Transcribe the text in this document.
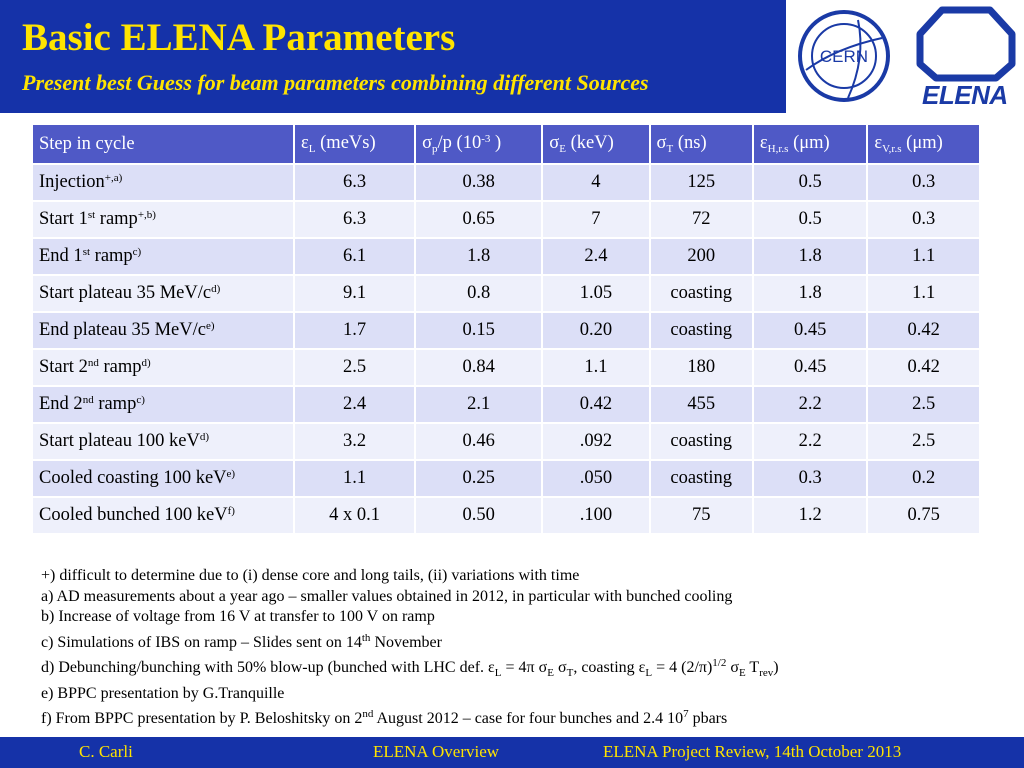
Basic ELENA Parameters
Present best Guess for beam parameters combining different Sources
CERN
ELENA
Step in cycle	$\varepsilon_L$ (meVs)	$\sigma_p/p$ ($10^{-3}$ )	$\sigma_E$ (keV)	$\sigma_T$ (ns)	$\varepsilon_{H,r.s}$ (μm)	$\varepsilon_{V,r.s}$ (μm)
Injection$^{+,a)}$	6.3	0.38	4	125	0.5	0.3
Start 1st ramp$^{+,b)}$	6.3	0.65	7	72	0.5	0.3
End 1st ramp$^{c)}$	6.1	1.8	2.4	200	1.8	1.1
Start plateau 35 MeV/$c^{d)}$	9.1	0.8	1.05	coasting	1.8	1.1
End plateau 35 MeV/$c^{e)}$	1.7	0.15	0.20	coasting	0.45	0.42
Start 2nd ramp$^{d)}$	2.5	0.84	1.1	180	0.45	0.42
End 2nd ramp$^{c)}$	2.4	2.1	0.42	455	2.2	2.5
Start plateau 100 keV$^{d)}$	3.2	0.46	.092	coasting	2.2	2.5
Cooled coasting 100 keV$^{e)}$	1.1	0.25	.050	coasting	0.3	0.2
Cooled bunched 100 keV$^{f)}$	4 x 0.1	0.50	.100	75	1.2	0.75
+) difficult to determine due to (i) dense core and long tails, (ii) variations with time
a) AD measurements about a year ago – smaller values obtained in 2012, in particular with bunched cooling
b) Increase of voltage from 16 V at transfer to 100 V on ramp
c) Simulations of IBS on ramp – Slides sent on 14th November
d) Debunching/bunching with 50% blow-up (bunched with LHC def. $\varepsilon_L = 4\pi$ $\sigma_E$ $\sigma_T$, coasting $\varepsilon_L = 4$ $(2/\pi)^{1/2}$ $\sigma_E$ $T_{rev}$)
e) BPPC presentation by G.Tranquille
f) From BPPC presentation by P. Beloshitsky on 2nd August 2012 – case for four bunches and 2.4 $10^7$ pbars
C. Carli	ELENA Overview	ELENA Project Review, 14th October 2013
